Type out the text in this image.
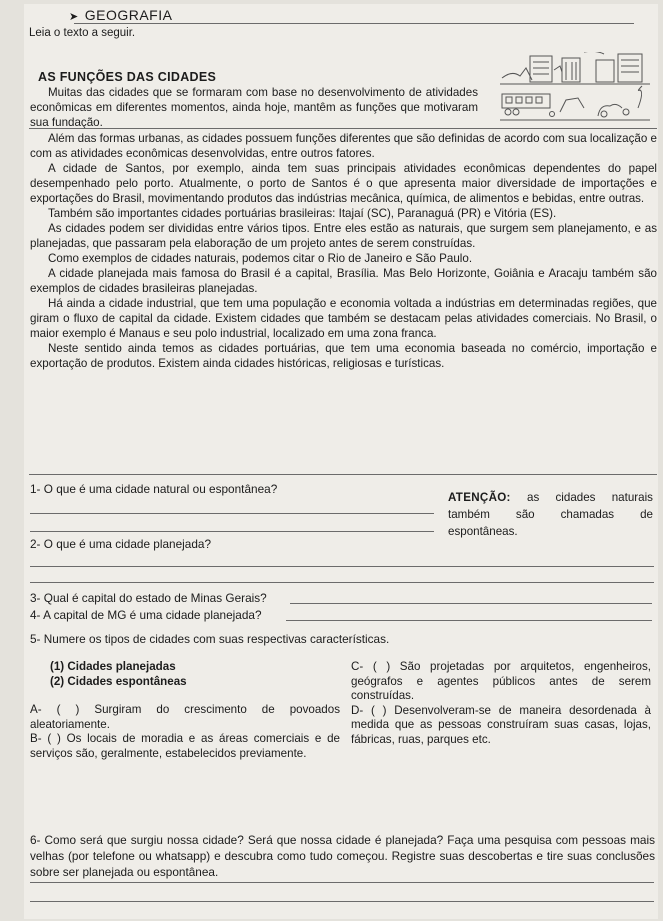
➤ GEOGRAFIA
Leia o texto a seguir.
AS FUNÇÕES DAS CIDADES

Muitas das cidades que se formaram com base no desenvolvimento de atividades econômicas em diferentes momentos, ainda hoje, mantêm as funções que motivaram sua fundação.

Além das formas urbanas, as cidades possuem funções diferentes que são definidas de acordo com sua localização e com as atividades econômicas desenvolvidas, entre outros fatores.

A cidade de Santos, por exemplo, ainda tem suas principais atividades econômicas dependentes do papel desempenhado pelo porto. Atualmente, o porto de Santos é o que apresenta maior diversidade de importações e exportações do Brasil, movimentando produtos das indústrias mecânica, química, de alimentos e bebidas, entre outras.

Também são importantes cidades portuárias brasileiras: Itajaí (SC), Paranaguá (PR) e Vitória (ES).

As cidades podem ser divididas entre vários tipos. Entre eles estão as naturais, que surgem sem planejamento, e as planejadas, que passaram pela elaboração de um projeto antes de serem construídas.

Como exemplos de cidades naturais, podemos citar o Rio de Janeiro e São Paulo.

A cidade planejada mais famosa do Brasil é a capital, Brasília. Mas Belo Horizonte, Goiânia e Aracaju também são exemplos de cidades brasileiras planejadas.

Há ainda a cidade industrial, que tem uma população e economia voltada a indústrias em determinadas regiões, que giram o fluxo de capital da cidade. Existem cidades que também se destacam pelas atividades comerciais. No Brasil, o maior exemplo é Manaus e seu polo industrial, localizado em uma zona franca.

Neste sentido ainda temos as cidades portuárias, que tem uma economia baseada no comércio, importação e exportação de produtos. Existem ainda cidades históricas, religiosas e turísticas.

1- O que é uma cidade natural ou espontânea?
ATENÇÃO: as cidades naturais também são chamadas de espontâneas.
2- O que é uma cidade planejada?
3- Qual é capital do estado de Minas Gerais?
4- A capital de MG é uma cidade planejada?
5- Numere os tipos de cidades com suas respectivas características.
(1) Cidades planejadas
(2) Cidades espontâneas
A- ( ) Surgiram do crescimento de povoados aleatoriamente.
B- ( ) Os locais de moradia e as áreas comerciais e de serviços são, geralmente, estabelecidos previamente.
C- ( ) São projetadas por arquitetos, engenheiros, geógrafos e agentes públicos antes de serem construídas.
D- ( ) Desenvolveram-se de maneira desordenada à medida que as pessoas construíram suas casas, lojas, fábricas, ruas, parques etc.
6- Como será que surgiu nossa cidade? Será que nossa cidade é planejada? Faça uma pesquisa com pessoas mais velhas (por telefone ou whatsapp) e descubra como tudo começou. Registre suas descobertas e tire suas conclusões sobre ser planejada ou espontânea.
